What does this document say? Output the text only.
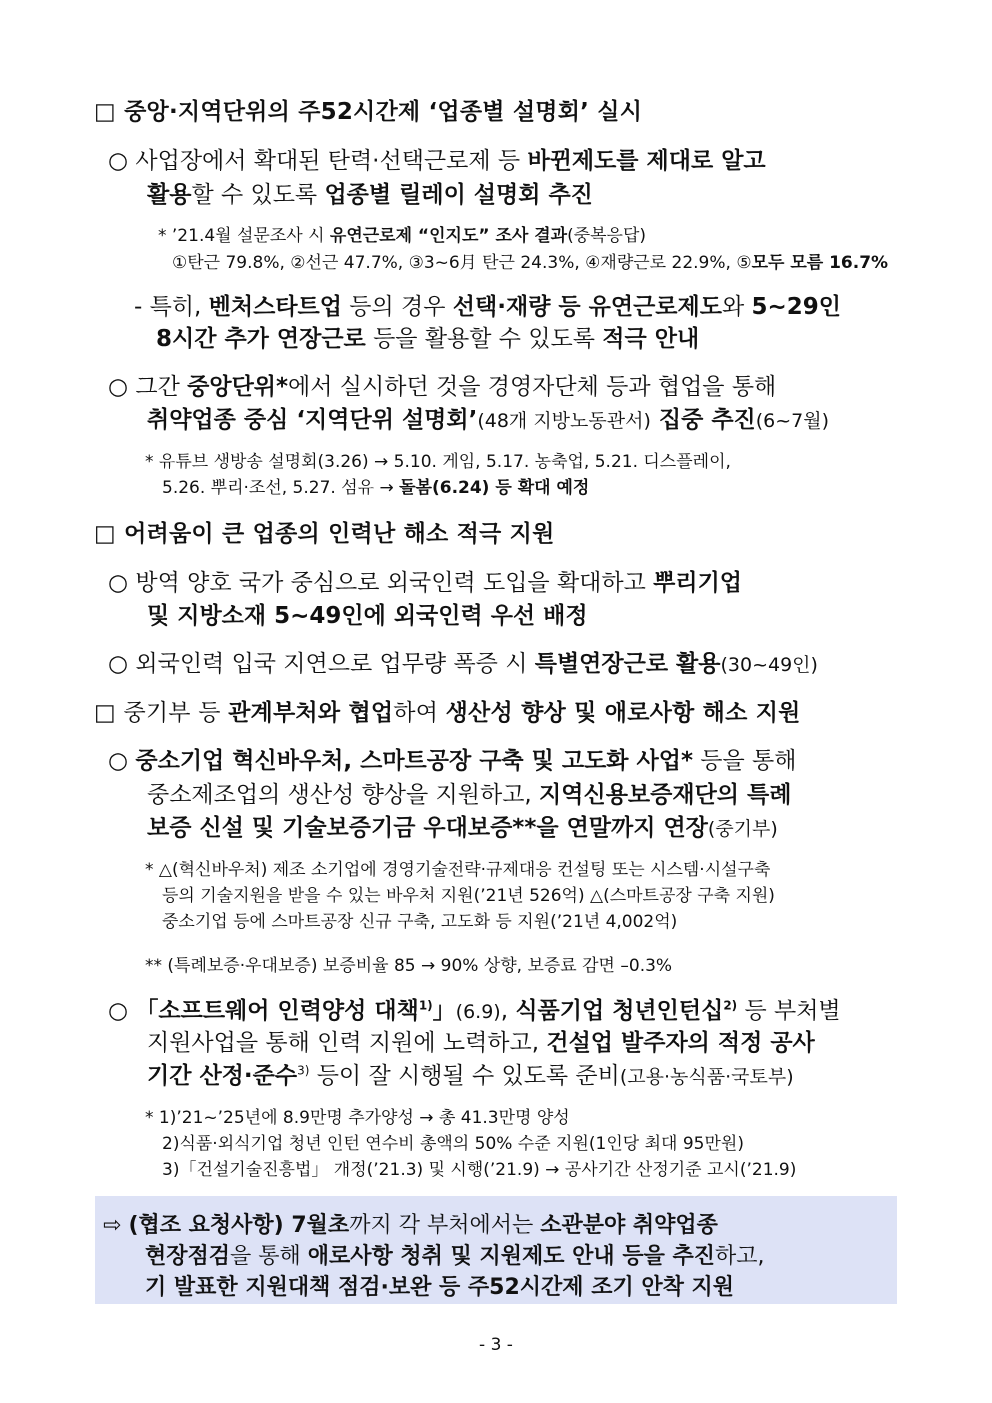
□ 중앙·지역단위의 주52시간제 ‘업종별 설명회’ 실시
○ 사업장에서 확대된 탄력·선택근로제 등 바뀐제도를 제대로 알고
활용할 수 있도록 업종별 릴레이 설명회 추진
* ’21.4월 설문조사 시 유연근로제 “인지도” 조사 결과(중복응답)
①탄근 79.8%, ②선근 47.7%, ③3~6月 탄근 24.3%, ④재량근로 22.9%, ⑤모두 모름 16.7%
- 특히, 벤처스타트업 등의 경우 선택·재량 등 유연근로제도와 5~29인
8시간 추가 연장근로 등을 활용할 수 있도록 적극 안내
○ 그간 중앙단위*에서 실시하던 것을 경영자단체 등과 협업을 통해
취약업종 중심 ‘지역단위 설명회’(48개 지방노동관서) 집중 추진(6~7월)
* 유튜브 생방송 설명회(3.26) → 5.10. 게임, 5.17. 농축업, 5.21. 디스플레이,
5.26. 뿌리·조선, 5.27. 섬유 → 돌봄(6.24) 등 확대 예정
□ 어려움이 큰 업종의 인력난 해소 적극 지원
○ 방역 양호 국가 중심으로 외국인력 도입을 확대하고 뿌리기업
및 지방소재 5~49인에 외국인력 우선 배정
○ 외국인력 입국 지연으로 업무량 폭증 시 특별연장근로 활용(30~49인)
□ 중기부 등 관계부처와 협업하여 생산성 향상 및 애로사항 해소 지원
○ 중소기업 혁신바우처, 스마트공장 구축 및 고도화 사업* 등을 통해
중소제조업의 생산성 향상을 지원하고, 지역신용보증재단의 특례
보증 신설 및 기술보증기금 우대보증**을 연말까지 연장(중기부)
* △(혁신바우처) 제조 소기업에 경영기술전략·규제대응 컨설팅 또는 시스템·시설구축
등의 기술지원을 받을 수 있는 바우처 지원(’21년 526억) △(스마트공장 구축 지원)
중소기업 등에 스마트공장 신규 구축, 고도화 등 지원(’21년 4,002억)
** (특례보증·우대보증) 보증비율 85 → 90% 상향, 보증료 감면 –0.3%
○ 「소프트웨어 인력양성 대책$^{1)}$」(6.9), 식품기업 청년인턴십$^{2)}$ 등 부처별
지원사업을 통해 인력 지원에 노력하고, 건설업 발주자의 적정 공사
기간 산정·준수$^{3)}$ 등이 잘 시행될 수 있도록 준비(고용·농식품·국토부)
* 1)’21~’25년에 8.9만명 추가양성 → 총 41.3만명 양성
2)식품·외식기업 청년 인턴 연수비 총액의 50% 수준 지원(1인당 최대 95만원)
3)「건설기술진흥법」 개정(’21.3) 및 시행(’21.9) → 공사기간 산정기준 고시(’21.9)
⇨ (협조 요청사항) 7월초까지 각 부처에서는 소관분야 취약업종
현장점검을 통해 애로사항 청취 및 지원제도 안내 등을 추진하고,
기 발표한 지원대책 점검·보완 등 주52시간제 조기 안착 지원
- 3 -
